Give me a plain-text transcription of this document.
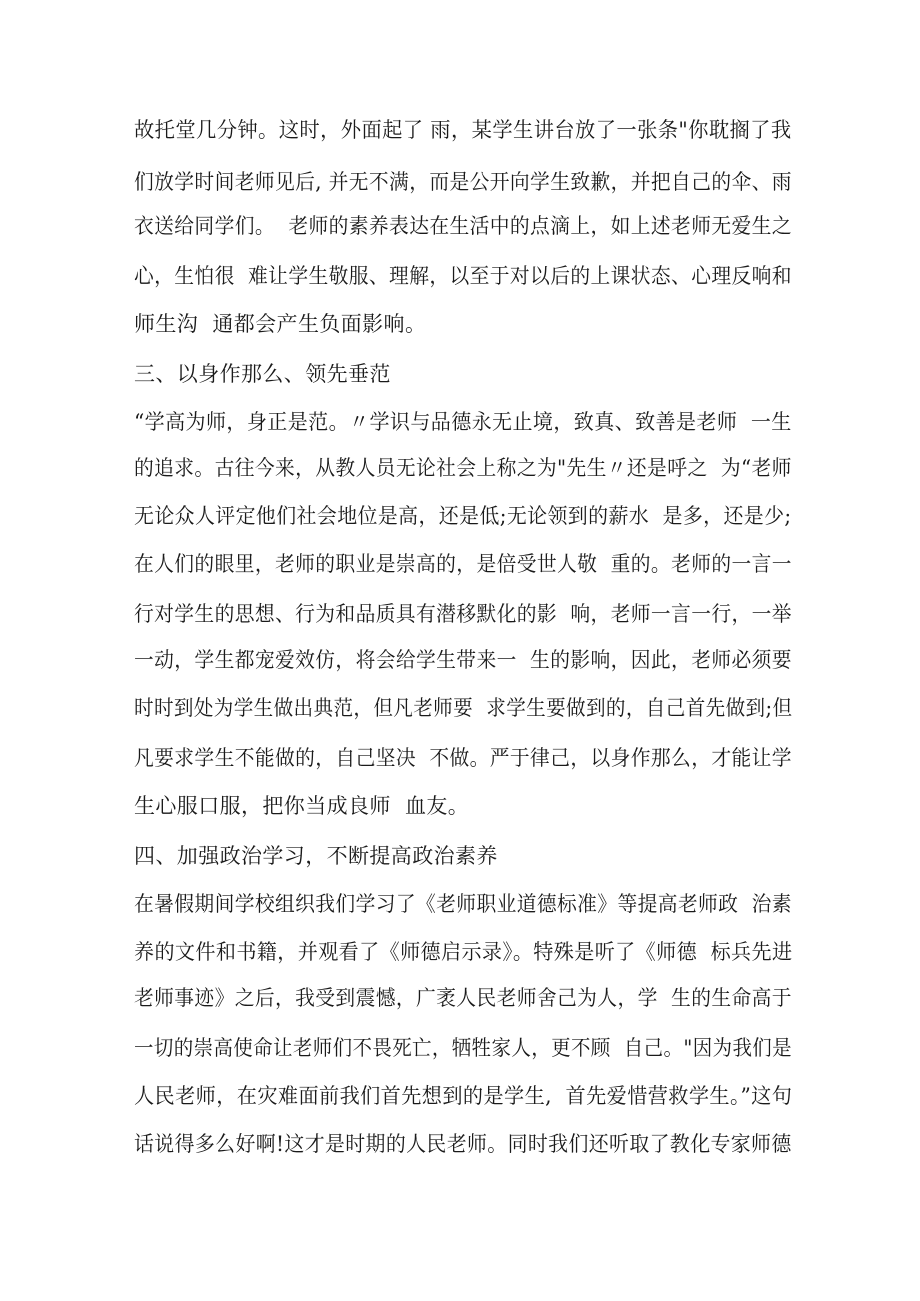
故托堂几分钟。这时，外面起了 雨，某学生讲台放了一张条"你耽搁了我
们放学时间老师见后, 并无不满，而是公开向学生致歉，并把自己的伞、雨
衣送给同学们。  老师的素养表达在生活中的点滴上，如上述老师无爱生之
心，生怕很  难让学生敬服、理解，以至于对以后的上课状态、心理反响和
师生沟  通都会产生负面影响。
三、以身作那么、领先垂范
“学高为师，身正是范。〃学识与品德永无止境，致真、致善是老师  一生
的追求。古往今来，从教人员无论社会上称之为"先生〃还是呼之  为“老师
无论众人评定他们社会地位是高，还是低;无论领到的薪水  是多，还是少;
在人们的眼里，老师的职业是崇高的，是倍受世人敬  重的。老师的一言一
行对学生的思想、行为和品质具有潜移默化的影  响，老师一言一行，一举
一动，学生都宠爱效仿，将会给学生带来一  生的影响，因此，老师必须要
时时到处为学生做出典范，但凡老师要  求学生要做到的，自己首先做到;但
凡要求学生不能做的，自己坚决  不做。严于律己，以身作那么，才能让学
生心服口服，把你当成良师  血友。
四、加强政治学习，不断提高政治素养
在暑假期间学校组织我们学习了《老师职业道德标准》等提高老师政  治素
养的文件和书籍，并观看了《师德启示录》。特殊是听了《师德  标兵先进
老师事迹》之后，我受到震憾，广袤人民老师舍己为人，学  生的生命高于
一切的崇高使命让老师们不畏死亡，牺牲家人，更不顾  自己。"因为我们是
人民老师，在灾难面前我们首先想到的是学生,  首先爱惜营救学生。”这句
话说得多么好啊!这才是时期的人民老师。同时我们还听取了教化专家师德
